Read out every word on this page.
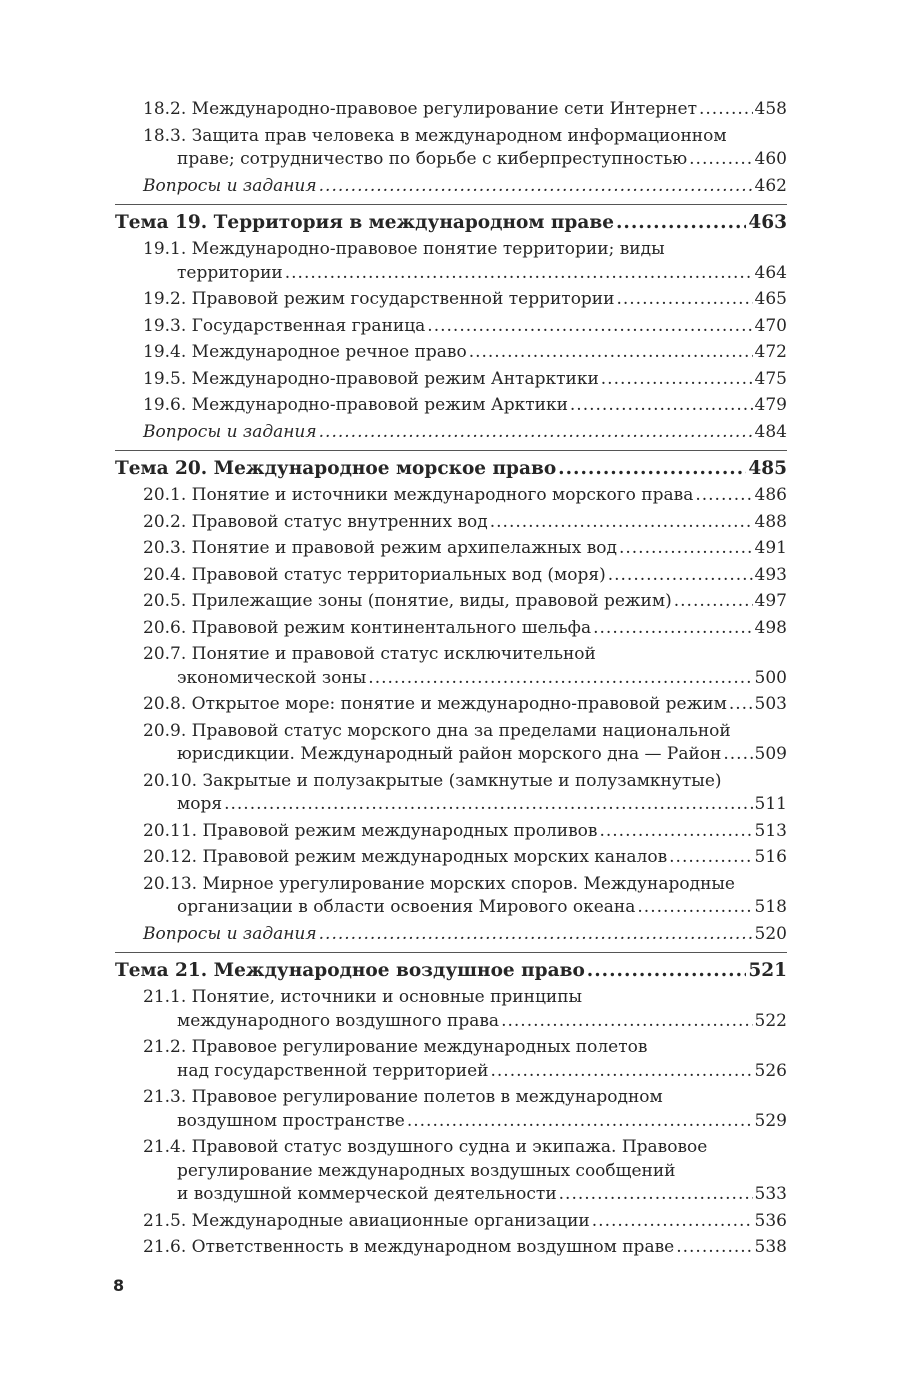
18.2. Международно-правовое регулирование сети Интернет .....	458
18.3. Защита прав человека в международном информационном
праве; сотрудничество по борьбе с киберпреступностью .....	460
Вопросы и задания .....	462
Тема 19. Территория в международном праве .....	463
19.1. Международно-правовое понятие территории; виды
территории .....	464
19.2. Правовой режим государственной территории .....	465
19.3. Государственная граница .....	470
19.4. Международное речное право .....	472
19.5. Международно-правовой режим Антарктики .....	475
19.6. Международно-правовой режим Арктики .....	479
Вопросы и задания .....	484
Тема 20. Международное морское право .....	485
20.1. Понятие и источники международного морского права .....	486
20.2. Правовой статус внутренних вод .....	488
20.3. Понятие и правовой режим архипелажных вод .....	491
20.4. Правовой статус территориальных вод (моря) .....	493
20.5. Прилежащие зоны (понятие, виды, правовой режим) .....	497
20.6. Правовой режим континентального шельфа .....	498
20.7. Понятие и правовой статус исключительной
экономической зоны .....	500
20.8. Открытое море: понятие и международно-правовой режим ..... 503
20.9. Правовой статус морского дна за пределами национальной
юрисдикции. Международный район морского дна — Район ..... 509
20.10. Закрытые и полузакрытые (замкнутые и полузамкнутые)
моря .....	511
20.11. Правовой режим международных проливов .....	513
20.12. Правовой режим международных морских каналов .....	516
20.13. Мирное урегулирование морских споров. Международные
организации в области освоения Мирового океана .....	518
Вопросы и задания .....	520
Тема 21. Международное воздушное право .....	521
21.1. Понятие, источники и основные принципы
международного воздушного права .....	522
21.2. Правовое регулирование международных полетов
над государственной территорией .....	526
21.3. Правовое регулирование полетов в международном
воздушном пространстве .....	529
21.4. Правовой статус воздушного судна и экипажа. Правовое
регулирование международных воздушных сообщений
и воздушной коммерческой деятельности .....	533
21.5. Международные авиационные организации .....	536
21.6. Ответственность в международном воздушном праве .....	538
8
